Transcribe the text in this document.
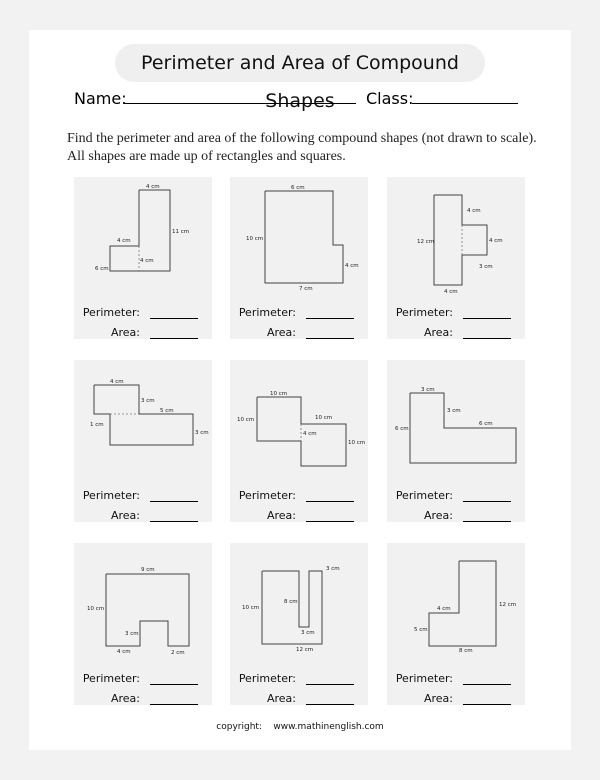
Perimeter and Area of Compound Shapes
Name:	Class:
Find the perimeter and area of the following compound shapes (not drawn to scale).
All shapes are made up of rectangles and squares.
4 cm
11 cm
4 cm
4 cm
6 cm
Perimeter:
Area:
6 cm
10 cm
4 cm
7 cm
Perimeter:
Area:
4 cm
12 cm	4 cm
3 cm
4 cm
Perimeter:
Area:
4 cm
3 cm
5 cm
1 cm
3 cm
Perimeter:
Area:
10 cm
10 cm	10 cm
4 cm
10 cm
Perimeter:
Area:
3 cm
3 cm
6 cm
6 cm
Perimeter:
Area:
9 cm
10 cm
3 cm
4 cm	2 cm
Perimeter:
Area:
3 cm
8 cm
10 cm
3 cm
12 cm
Perimeter:
Area:
12 cm
4 cm
5 cm
8 cm
Perimeter:
Area:
copyright: www.mathinenglish.com
